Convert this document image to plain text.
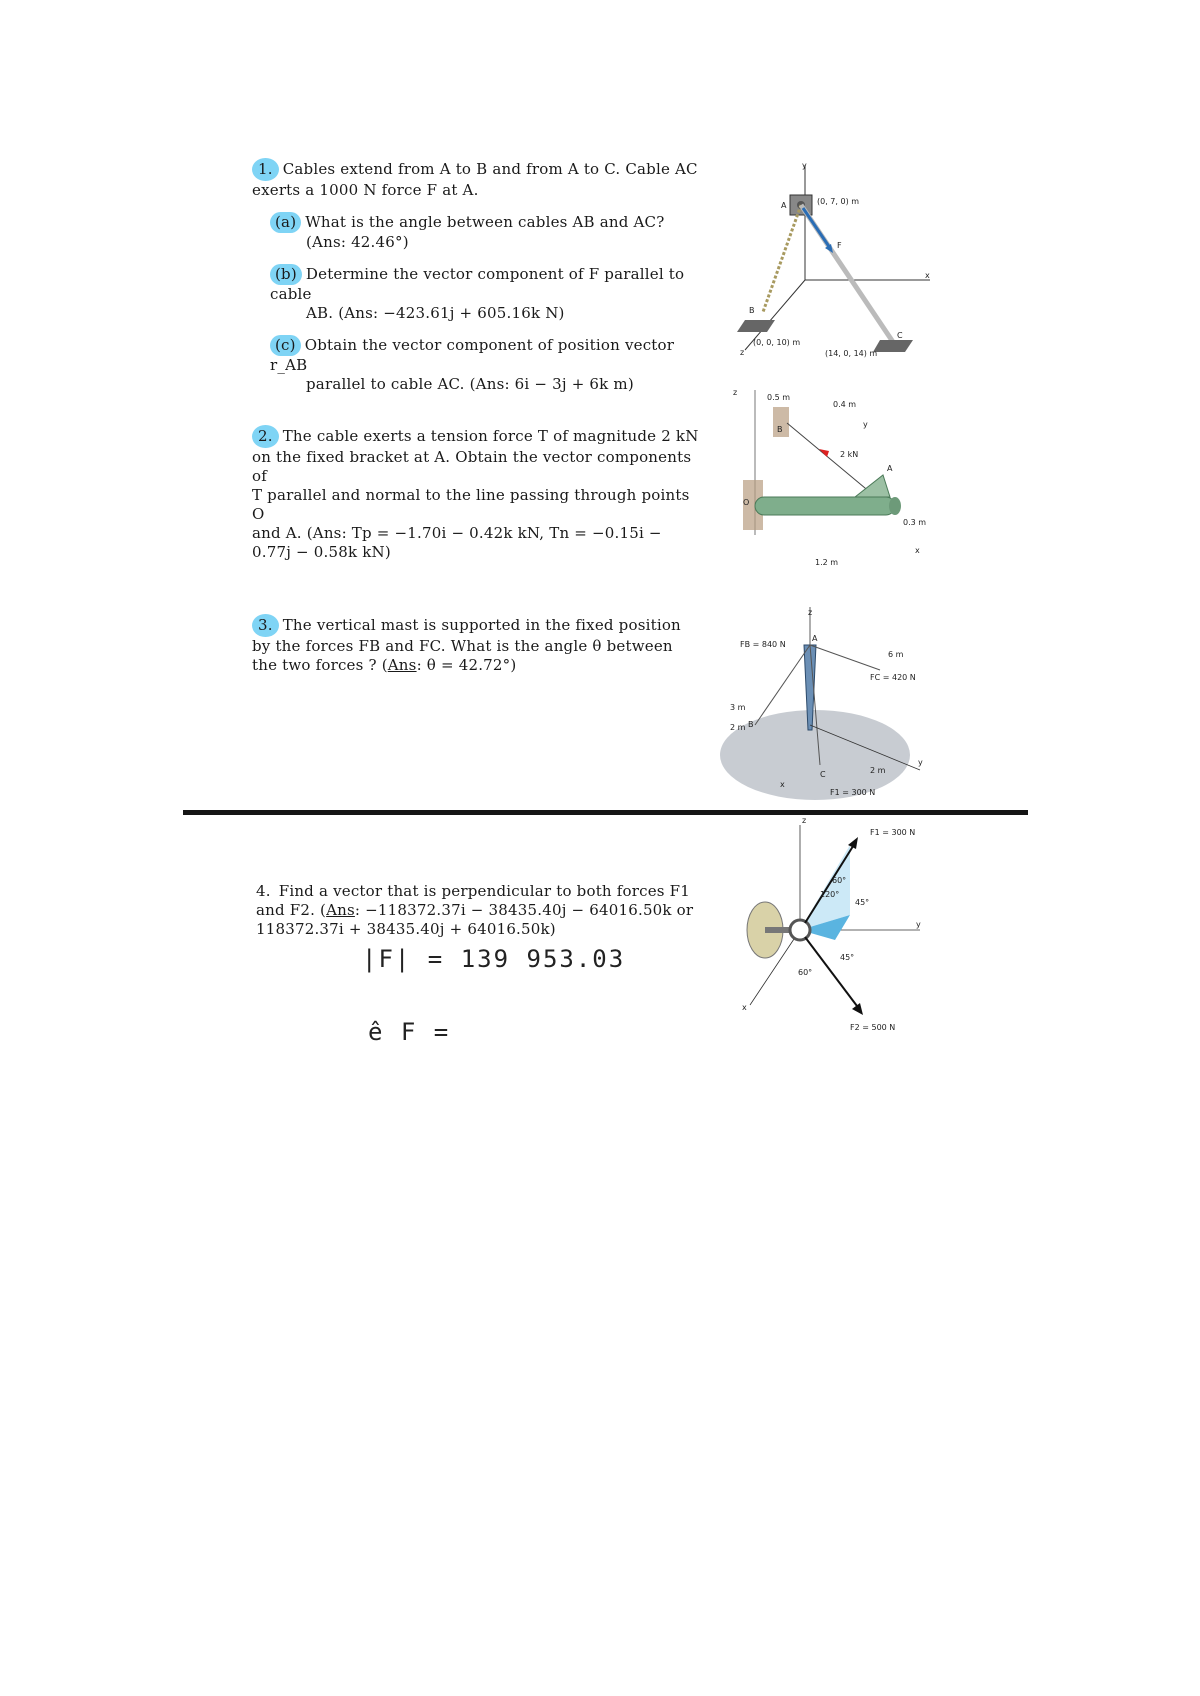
1. Cables extend from A to B and from A to C. Cable AC
exerts a 1000 N force F at A.
(a) What is the angle between cables AB and AC?
(Ans: 42.46°)
(b) Determine the vector component of F parallel to cable
AB. (Ans: −423.61j + 605.16k N)
(c) Obtain the vector component of position vector r_AB
parallel to cable AC. (Ans: 6i − 3j + 6k m)
2. The cable exerts a tension force T of magnitude 2 kN
on the fixed bracket at A. Obtain the vector components of
T parallel and normal to the line passing through points O
and A. (Ans: Tp = −1.70i − 0.42k kN, Tn = −0.15i −
0.77j − 0.58k kN)
3. The vertical mast is supported in the fixed position
by the forces FB and FC. What is the angle θ between
the two forces ? (Ans: θ = 42.72°)
4. Find a vector that is perpendicular to both forces F1
and F2. (Ans: −118372.37i − 38435.40j − 64016.50k or
118372.37i + 38435.40j + 64016.50k)
|F| = 139 953.03
ê F =
A	(0, 7, 0) m
F
B
(0, 0, 10) m
C
(14, 0, 14) m
x
y
z
z
0.5 m
0.4 m
B
2 kN
y
O
A
0.3 m
1.2 m
x
z
A
FB = 840 N
6 m
FC = 420 N
3 m
2 m B
C	2 m
y
x
F1 = 300 N
z
F1 = 300 N
60°
120°
45°
45°
60°
y
x
F2 = 500 N
